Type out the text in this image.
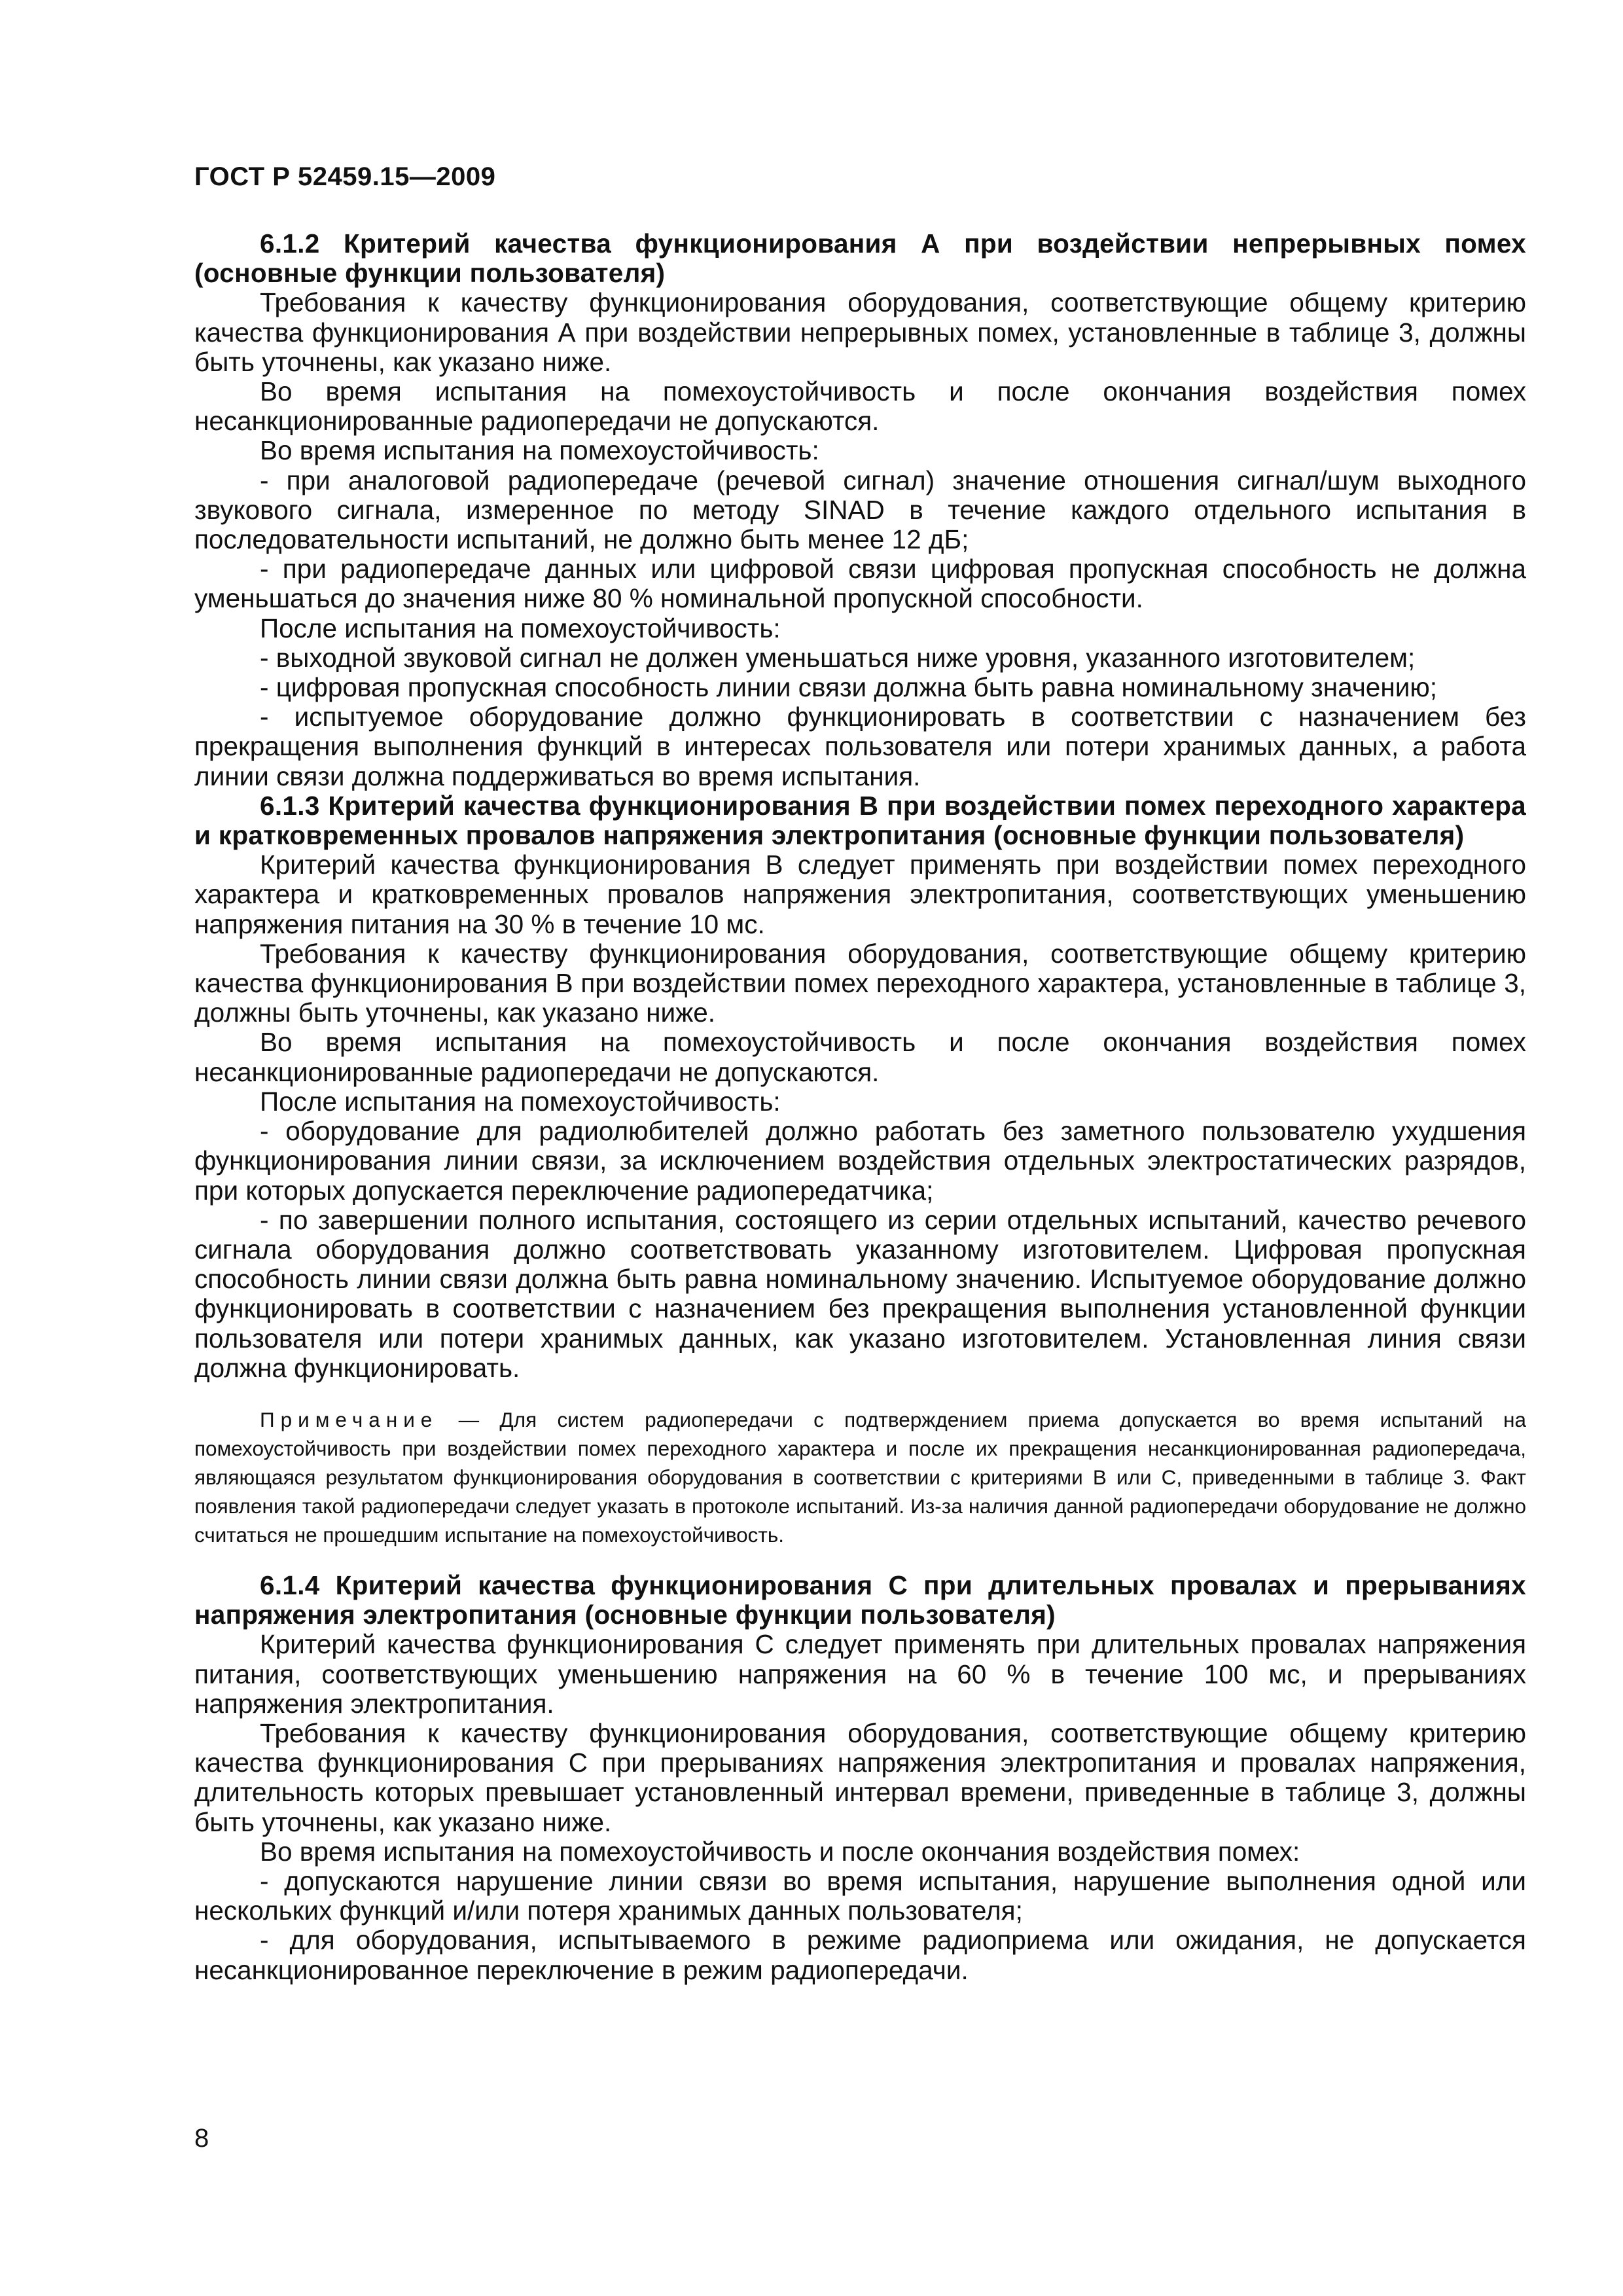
ГОСТ Р 52459.15—2009
6.1.2 Критерий качества функционирования А при воздействии непрерывных помех (основные функции пользователя)

Требования к качеству функционирования оборудования, соответствующие общему критерию качества функционирования А при воздействии непрерывных помех, установленные в таблице 3, должны быть уточнены, как указано ниже.

Во время испытания на помехоустойчивость и после окончания воздействия помех несанкционированные радиопередачи не допускаются.

Во время испытания на помехоустойчивость:

- при аналоговой радиопередаче (речевой сигнал) значение отношения сигнал/шум выходного звукового сигнала, измеренное по методу SINAD в течение каждого отдельного испытания в последовательности испытаний, не должно быть менее 12 дБ;

- при радиопередаче данных или цифровой связи цифровая пропускная способность не должна уменьшаться до значения ниже 80 % номинальной пропускной способности.

После испытания на помехоустойчивость:

- выходной звуковой сигнал не должен уменьшаться ниже уровня, указанного изготовителем;

- цифровая пропускная способность линии связи должна быть равна номинальному значению;

- испытуемое оборудование должно функционировать в соответствии с назначением без прекращения выполнения функций в интересах пользователя или потери хранимых данных, а работа линии связи должна поддерживаться во время испытания.

6.1.3 Критерий качества функционирования В при воздействии помех переходного характера и кратковременных провалов напряжения электропитания (основные функции пользователя)

Критерий качества функционирования В следует применять при воздействии помех переходного характера и кратковременных провалов напряжения электропитания, соответствующих уменьшению напряжения питания на 30 % в течение 10 мс.

Требования к качеству функционирования оборудования, соответствующие общему критерию качества функционирования В при воздействии помех переходного характера, установленные в таблице 3, должны быть уточнены, как указано ниже.

Во время испытания на помехоустойчивость и после окончания воздействия помех несанкционированные радиопередачи не допускаются.

После испытания на помехоустойчивость:

- оборудование для радиолюбителей должно работать без заметного пользователю ухудшения функционирования линии связи, за исключением воздействия отдельных электростатических разрядов, при которых допускается переключение радиопередатчика;

- по завершении полного испытания, состоящего из серии отдельных испытаний, качество речевого сигнала оборудования должно соответствовать указанному изготовителем. Цифровая пропускная способность линии связи должна быть равна номинальному значению. Испытуемое оборудование должно функционировать в соответствии с назначением без прекращения выполнения установленной функции пользователя или потери хранимых данных, как указано изготовителем. Установленная линия связи должна функционировать.

Примечание — Для систем радиопередачи с подтверждением приема допускается во время испытаний на помехоустойчивость при воздействии помех переходного характера и после их прекращения несанкционированная радиопередача, являющаяся результатом функционирования оборудования в соответствии с критериями В или С, приведенными в таблице 3. Факт появления такой радиопередачи следует указать в протоколе испытаний. Из-за наличия данной радиопередачи оборудование не должно считаться не прошедшим испытание на помехоустойчивость.
6.1.4 Критерий качества функционирования С при длительных провалах и прерываниях напряжения электропитания (основные функции пользователя)

Критерий качества функционирования С следует применять при длительных провалах напряжения питания, соответствующих уменьшению напряжения на 60 % в течение 100 мс, и прерываниях напряжения электропитания.

Требования к качеству функционирования оборудования, соответствующие общему критерию качества функционирования С при прерываниях напряжения электропитания и провалах напряжения, длительность которых превышает установленный интервал времени, приведенные в таблице 3, должны быть уточнены, как указано ниже.

Во время испытания на помехоустойчивость и после окончания воздействия помех:

- допускаются нарушение линии связи во время испытания, нарушение выполнения одной или нескольких функций и/или потеря хранимых данных пользователя;

- для оборудования, испытываемого в режиме радиоприема или ожидания, не допускается несанкционированное переключение в режим радиопередачи.

8
